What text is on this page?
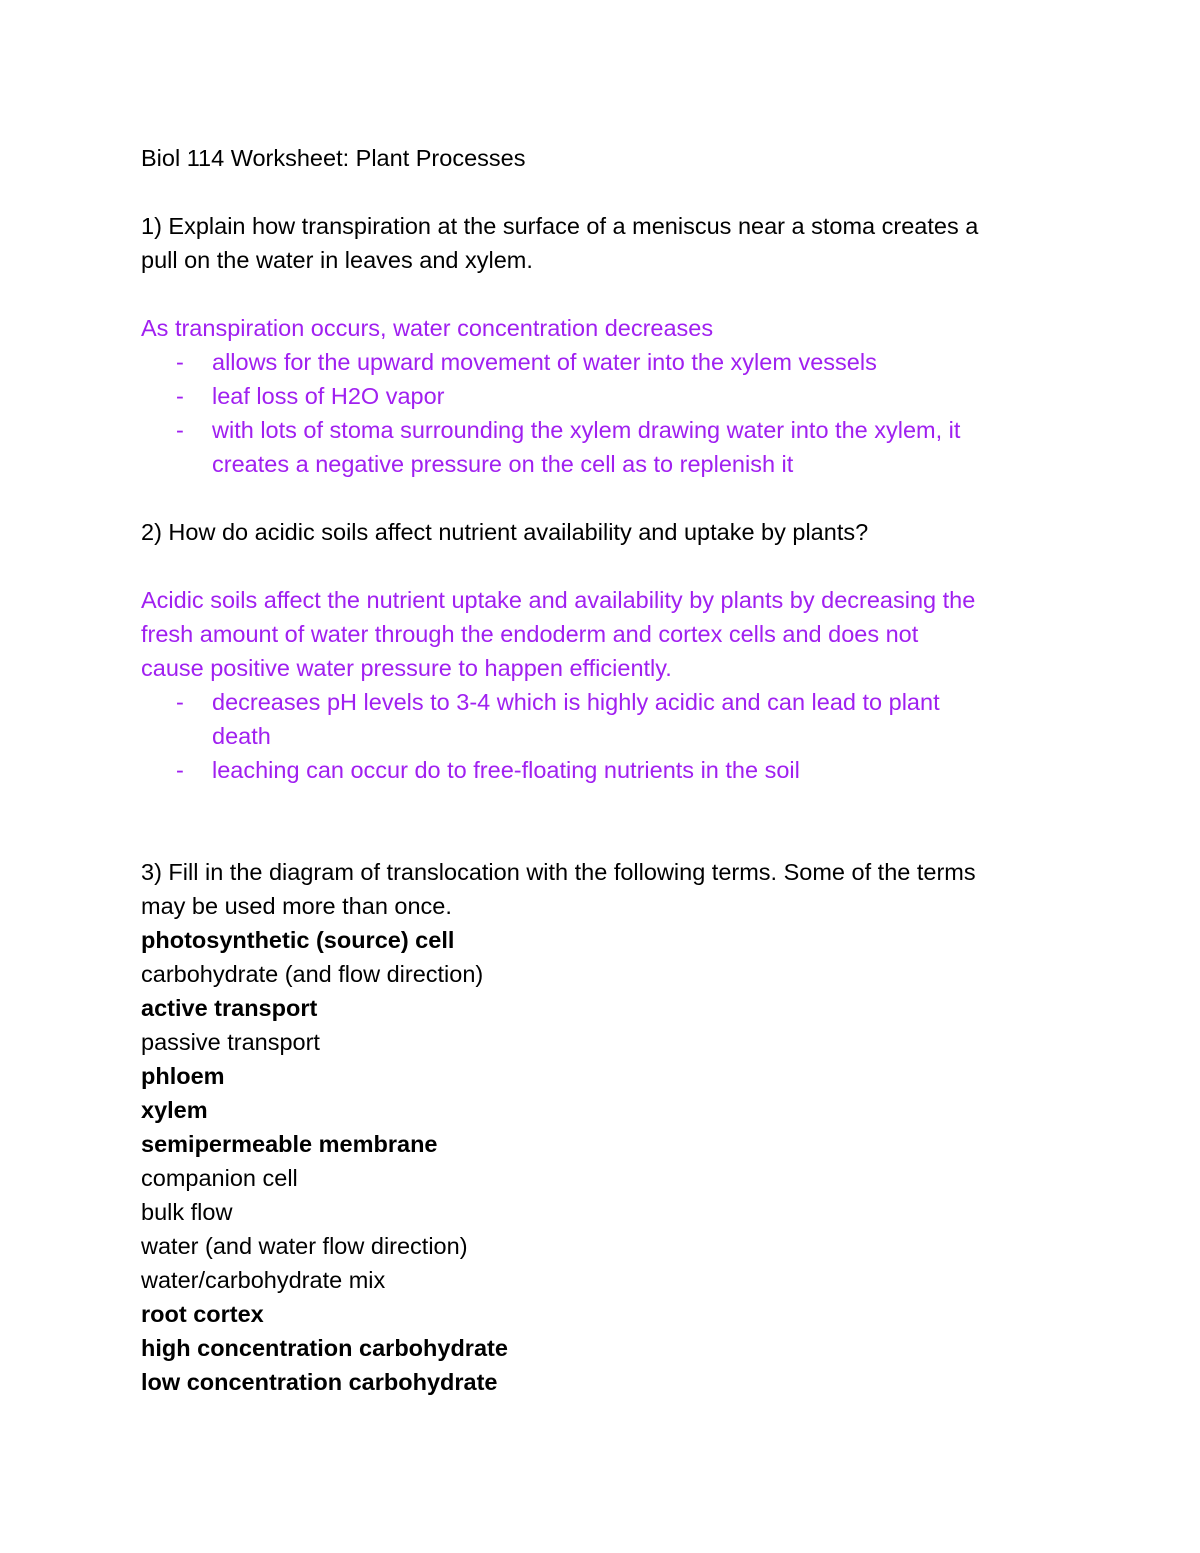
Biol 114 Worksheet: Plant Processes
1) Explain how transpiration at the surface of a meniscus near a stoma creates a
pull on the water in leaves and xylem.
As transpiration occurs, water concentration decreases
- allows for the upward movement of water into the xylem vessels
- leaf loss of H2O vapor
- with lots of stoma surrounding the xylem drawing water into the xylem, it
creates a negative pressure on the cell as to replenish it
2) How do acidic soils affect nutrient availability and uptake by plants?
Acidic soils affect the nutrient uptake and availability by plants by decreasing the
fresh amount of water through the endoderm and cortex cells and does not
cause positive water pressure to happen efficiently.
- decreases pH levels to 3-4 which is highly acidic and can lead to plant
death
- leaching can occur do to free-floating nutrients in the soil
3) Fill in the diagram of translocation with the following terms. Some of the terms
may be used more than once.
photosynthetic (source) cell
carbohydrate (and flow direction)
active transport
passive transport
phloem
xylem
semipermeable membrane
companion cell
bulk flow
water (and water flow direction)
water/carbohydrate mix
root cortex
high concentration carbohydrate
low concentration carbohydrate
